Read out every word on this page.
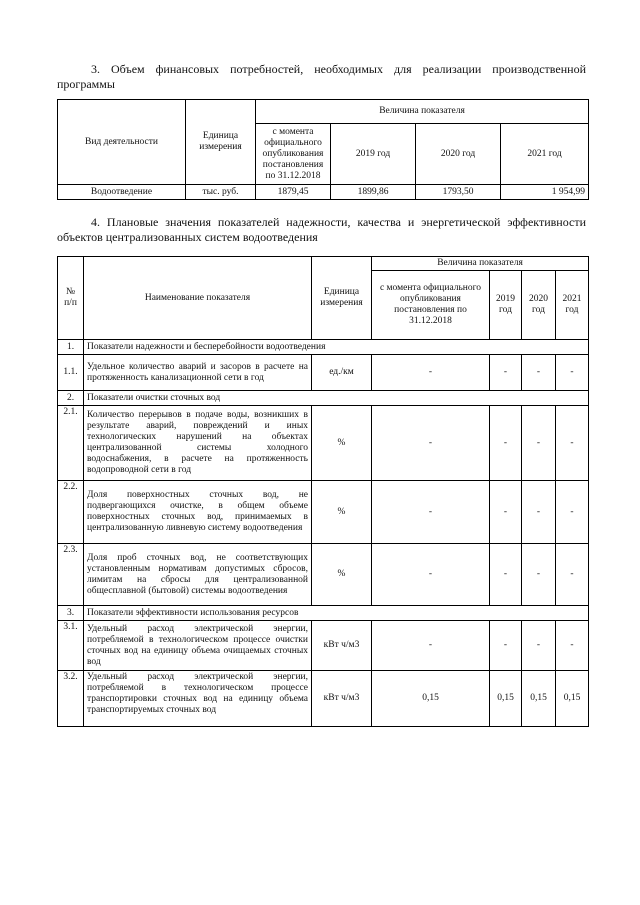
3. Объем финансовых потребностей, необходимых для реализации производственной программы
Вид деятельности	Единица измерения	Величина показателя			
		с момента официального опубликования постановления по 31.12.2018	2019 год	2020 год	2021 год
Водоотведение	тыс. руб.	1879,45	1899,86	1793,50	1 954,99
4. Плановые значения показателей надежности, качества и энергетической эффективности объектов централизованных систем водоотведения
№ п/п	Наименование показателя	Единица измерения	Величина показателя			
			с момента официального опубликования постановления по 31.12.2018	2019 год	2020 год	2021 год
1.	Показатели надежности и бесперебойности водоотведения					
1.1.	Удельное количество аварий и засоров в расчете на протяженность канализационной сети в год	ед./км	-	-	-	-
2.	Показатели очистки сточных вод					
2.1.	Количество перерывов в подаче воды, возникших в результате аварий, повреждений и иных технологических нарушений на объектах централизованной системы холодного водоснабжения, в расчете на протяженность водопроводной сети в год	%	-	-	-	-
2.2.	Доля поверхностных сточных вод, не подвергающихся очистке, в общем объеме поверхностных сточных вод, принимаемых в централизованную ливневую систему водоотведения	%	-	-	-	-
2.3.	Доля проб сточных вод, не соответствующих установленным нормативам допустимых сбросов, лимитам на сбросы для централизованной общесплавной (бытовой) системы водоотведения	%	-	-	-	-
3.	Показатели эффективности использования ресурсов					
3.1.	Удельный расход электрической энергии, потребляемой в технологическом процессе очистки сточных вод на единицу объема очищаемых сточных вод	кВт ч/м3	-	-	-	-
3.2.	Удельный расход электрической энергии, потребляемой в технологическом процессе транспортировки сточных вод на единицу объема транспортируемых сточных вод	кВт ч/м3	0,15	0,15	0,15	0,15
